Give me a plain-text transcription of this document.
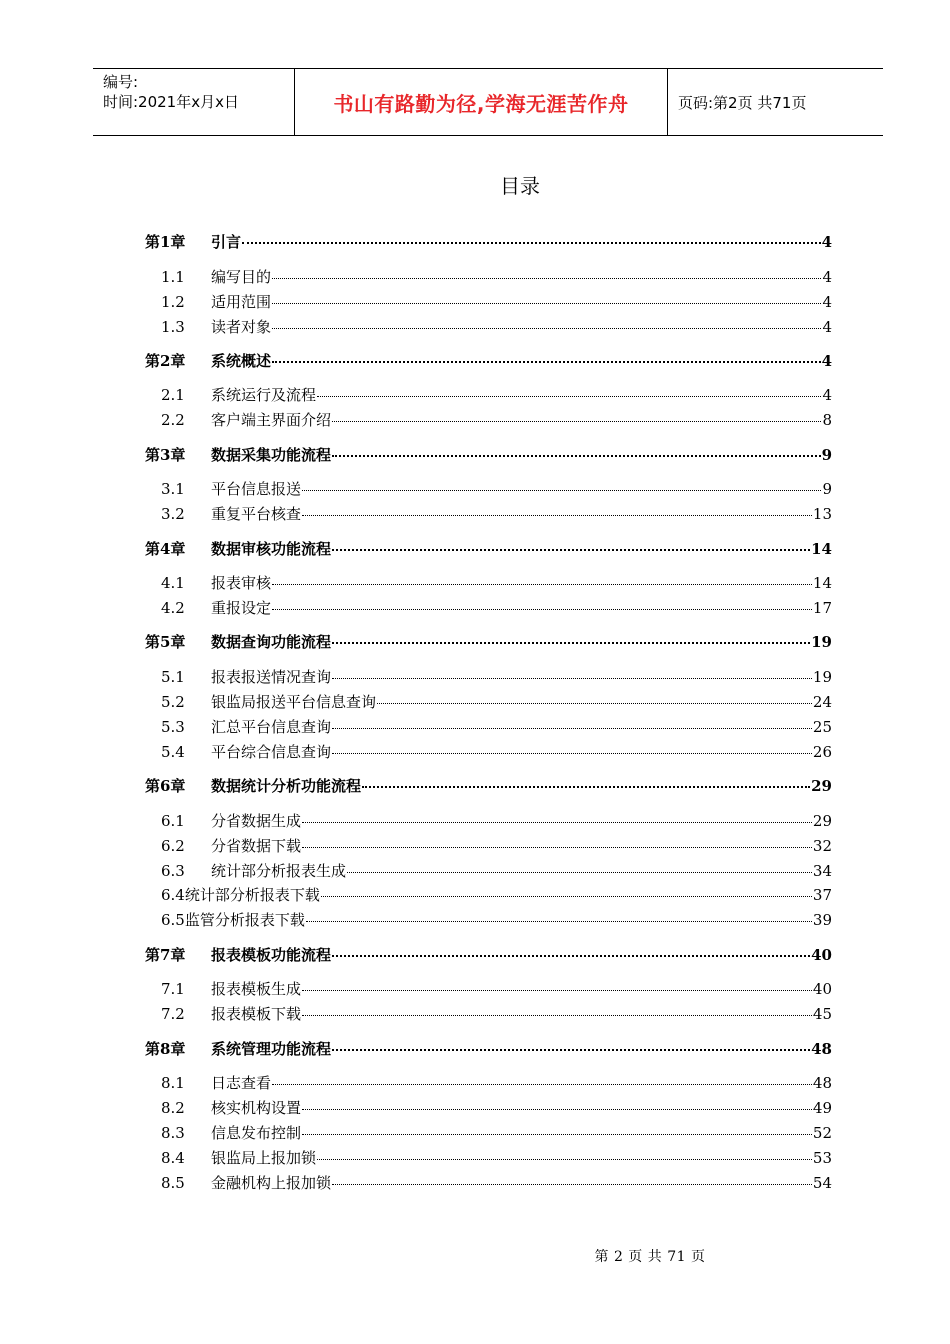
编号:
时间:2021年x月x日	书山有路勤为径,学海无涯苦作舟	页码:第2页 共71页
目录
第1章	引言	4
1.1	编写目的	4
1.2	适用范围	4
1.3	读者对象	4
第2章	系统概述	4
2.1	系统运行及流程	4
2.2	客户端主界面介绍	8
第3章	数据采集功能流程	9
3.1	平台信息报送	9
3.2	重复平台核查	13
第4章	数据审核功能流程	14
4.1	报表审核	14
4.2	重报设定	17
第5章	数据查询功能流程	19
5.1	报表报送情况查询	19
5.2	银监局报送平台信息查询	24
5.3	汇总平台信息查询	25
5.4	平台综合信息查询	26
第6章	数据统计分析功能流程	29
6.1	分省数据生成	29
6.2	分省数据下载	32
6.3	统计部分析报表生成	34
6.4 统计部分析报表下载	37
6.5 监管分析报表下载	39
第7章	报表模板功能流程	40
7.1	报表模板生成	40
7.2	报表模板下载	45
第8章	系统管理功能流程	48
8.1	日志查看	48
8.2	核实机构设置	49
8.3	信息发布控制	52
8.4	银监局上报加锁	53
8.5	金融机构上报加锁	54
第 2 页 共 71 页
